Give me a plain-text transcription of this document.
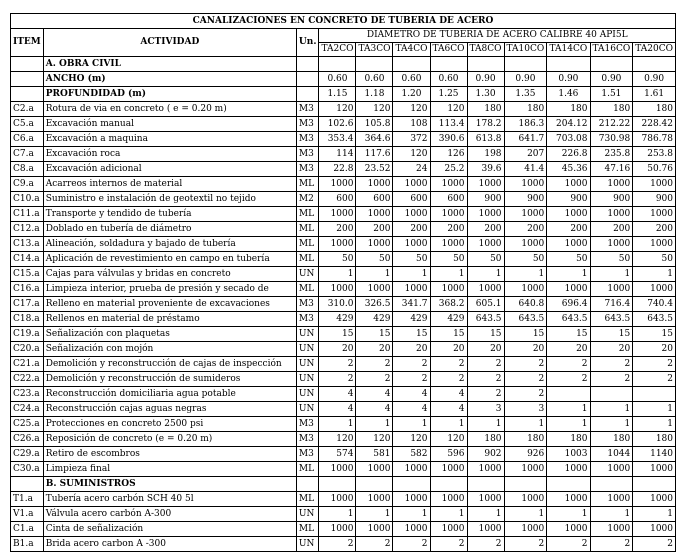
CANALIZACIONES EN CONCRETO DE TUBERIA DE ACERO											
ITEM	ACTIVIDAD	Un.	DIAMETRO DE TUBERIA DE ACERO CALIBRE 40 API5L								
			TA2CO	TA3CO	TA4CO	TA6CO	TA8CO	TA10CO	TA14CO	TA16CO	TA20CO
	A. OBRA CIVIL										
	ANCHO (m)		0.60	0.60	0.60	0.60	0.90	0.90	0.90	0.90	0.90
	PROFUNDIDAD (m)		1.15	1.18	1.20	1.25	1.30	1.35	1.46	1.51	1.61
C2.a	Rotura de via en concreto ( e = 0.20 m)	M3	120	120	120	120	180	180	180	180	180
C5.a	Excavación manual	M3	102.6	105.8	108	113.4	178.2	186.3	204.12	212.22	228.42
C6.a	Excavación a maquina	M3	353.4	364.6	372	390.6	613.8	641.7	703.08	730.98	786.78
C7.a	Excavación roca	M3	114	117.6	120	126	198	207	226.8	235.8	253.8
C8.a	Excavación adicional	M3	22.8	23.52	24	25.2	39.6	41.4	45.36	47.16	50.76
C9.a	Acarreos internos de material	ML	1000	1000	1000	1000	1000	1000	1000	1000	1000
C10.a	Suministro e instalación de geotextil no tejido	M2	600	600	600	600	900	900	900	900	900
C11.a	Transporte y tendido de tubería	ML	1000	1000	1000	1000	1000	1000	1000	1000	1000
C12.a	Doblado en tubería de diámetro	ML	200	200	200	200	200	200	200	200	200
C13.a	Alineación, soldadura y bajado de tubería	ML	1000	1000	1000	1000	1000	1000	1000	1000	1000
C14.a	Aplicación de revestimiento en campo en tubería	ML	50	50	50	50	50	50	50	50	50
C15.a	Cajas para válvulas y bridas en concreto	UN	1	1	1	1	1	1	1	1	1
C16.a	Limpieza interior, prueba de presión y secado de	ML	1000	1000	1000	1000	1000	1000	1000	1000	1000
C17.a	Relleno en material proveniente de excavaciones	M3	310.0	326.5	341.7	368.2	605.1	640.8	696.4	716.4	740.4
C18.a	Rellenos en material de préstamo	M3	429	429	429	429	643.5	643.5	643.5	643.5	643.5
C19.a	Señalización con plaquetas	UN	15	15	15	15	15	15	15	15	15
C20.a	Señalización con mojón	UN	20	20	20	20	20	20	20	20	20
C21.a	Demolición y reconstrucción de cajas de inspección	UN	2	2	2	2	2	2	2	2	2
C22.a	Demolición y reconstrucción de sumideros	UN	2	2	2	2	2	2	2	2	2
C23.a	Reconstrucción domiciliaria agua potable	UN	4	4	4	4	2	2			
C24.a	Reconstrucción cajas aguas negras	UN	4	4	4	4	3	3	1	1	1
C25.a	Protecciones en concreto 2500 psi	M3	1	1	1	1	1	1	1	1	1
C26.a	Reposición de concreto (e = 0.20 m)	M3	120	120	120	120	180	180	180	180	180
C29.a	Retiro de escombros	M3	574	581	582	596	902	926	1003	1044	1140
C30.a	Limpieza final	ML	1000	1000	1000	1000	1000	1000	1000	1000	1000
	B. SUMINISTROS										
T1.a	Tubería acero carbón SCH 40 5l	ML	1000	1000	1000	1000	1000	1000	1000	1000	1000
V1.a	Válvula acero carbón A-300	UN	1	1	1	1	1	1	1	1	1
C1.a	Cinta de señalización	ML	1000	1000	1000	1000	1000	1000	1000	1000	1000
B1.a	Brida acero carbon A -300	UN	2	2	2	2	2	2	2	2	2
